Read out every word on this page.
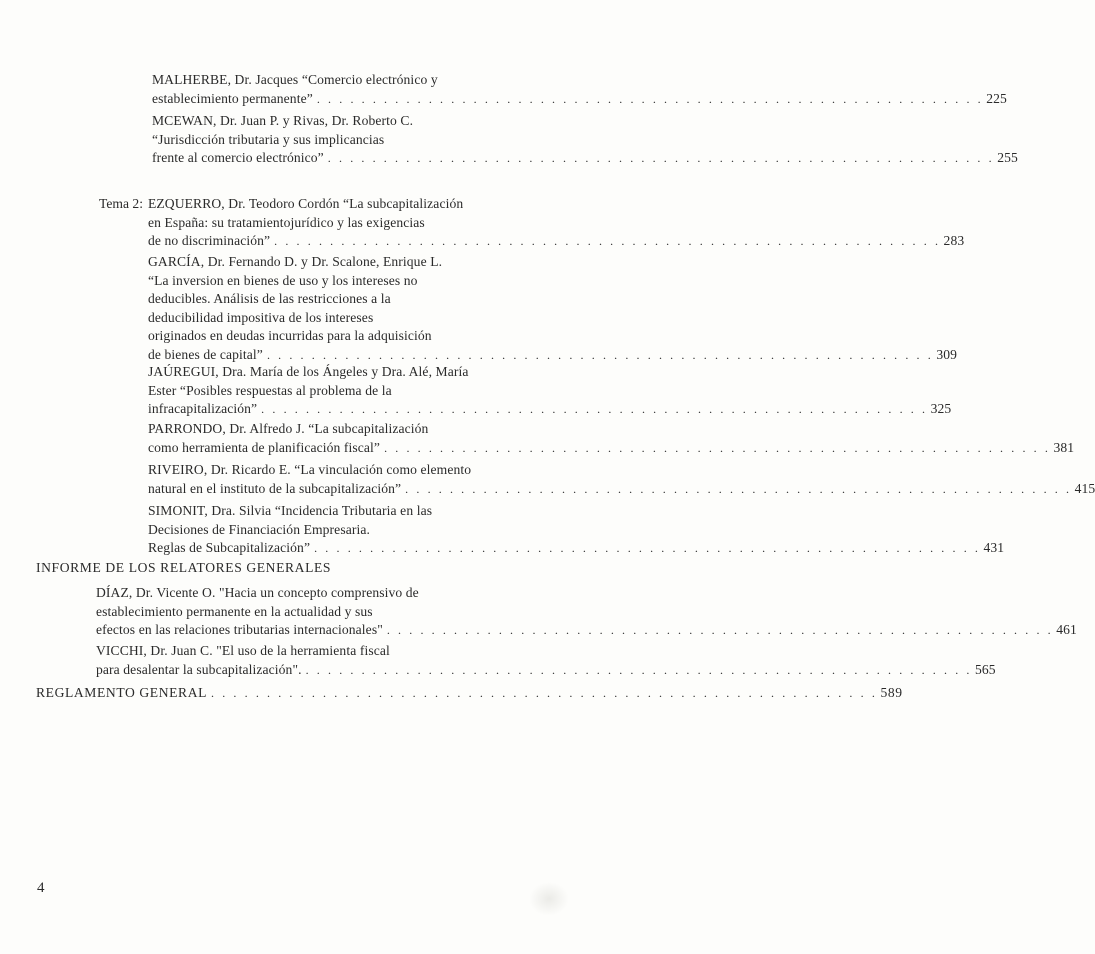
MALHERBE, Dr. Jacques “Comercio electrónico y
establecimiento permanente” . . . . . . . . . . . . . . . . . . . . . . . . . . . . . . . . . . . . . . . . . . . . . . . . . . . . . . . . . . . . 225
MCEWAN, Dr. Juan P. y Rivas, Dr. Roberto C.
“Jurisdicción tributaria y sus implicancias
frente al comercio electrónico” . . . . . . . . . . . . . . . . . . . . . . . . . . . . . . . . . . . . . . . . . . . . . . . . . . . . . . . . . . . . 255
Tema 2: EZQUERRO, Dr. Teodoro Cordón “La subcapitalización
en España: su tratamientojurídico y las exigencias
de no discriminación” . . . . . . . . . . . . . . . . . . . . . . . . . . . . . . . . . . . . . . . . . . . . . . . . . . . . . . . . . . . . 283
GARCÍA, Dr. Fernando D. y Dr. Scalone, Enrique L.
“La inversion en bienes de uso y los intereses no
deducibles. Análisis de las restricciones a la
deducibilidad impositiva de los intereses
originados en deudas incurridas para la adquisición
de bienes de capital” . . . . . . . . . . . . . . . . . . . . . . . . . . . . . . . . . . . . . . . . . . . . . . . . . . . . . . . . . . . . 309
JAÚREGUI, Dra. María de los Ángeles y Dra. Alé, María
Ester “Posibles respuestas al problema de la
infracapitalización” . . . . . . . . . . . . . . . . . . . . . . . . . . . . . . . . . . . . . . . . . . . . . . . . . . . . . . . . . . . . 325
PARRONDO, Dr. Alfredo J. “La subcapitalización
como herramienta de planificación fiscal” . . . . . . . . . . . . . . . . . . . . . . . . . . . . . . . . . . . . . . . . . . . . . . . . . . . . . . . . . . . . 381
RIVEIRO, Dr. Ricardo E. “La vinculación como elemento
natural en el instituto de la subcapitalización” . . . . . . . . . . . . . . . . . . . . . . . . . . . . . . . . . . . . . . . . . . . . . . . . . . . . . . . . . . . . 415
SIMONIT, Dra. Silvia “Incidencia Tributaria en las
Decisiones de Financiación Empresaria.
Reglas de Subcapitalización” . . . . . . . . . . . . . . . . . . . . . . . . . . . . . . . . . . . . . . . . . . . . . . . . . . . . . . . . . . . . 431
INFORME DE LOS RELATORES GENERALES
DÍAZ, Dr. Vicente O. "Hacia un concepto comprensivo de
establecimiento permanente en la actualidad y sus
efectos en las relaciones tributarias internacionales" . . . . . . . . . . . . . . . . . . . . . . . . . . . . . . . . . . . . . . . . . . . . . . . . . . . . . . . . . . . . 461
VICCHI, Dr. Juan C. "El uso de la herramienta fiscal
para desalentar la subcapitalización". . . . . . . . . . . . . . . . . . . . . . . . . . . . . . . . . . . . . . . . . . . . . . . . . . . . . . . . . . . . . 565
REGLAMENTO GENERAL . . . . . . . . . . . . . . . . . . . . . . . . . . . . . . . . . . . . . . . . . . . . . . . . . . . . . . . . . . . . 589
4
